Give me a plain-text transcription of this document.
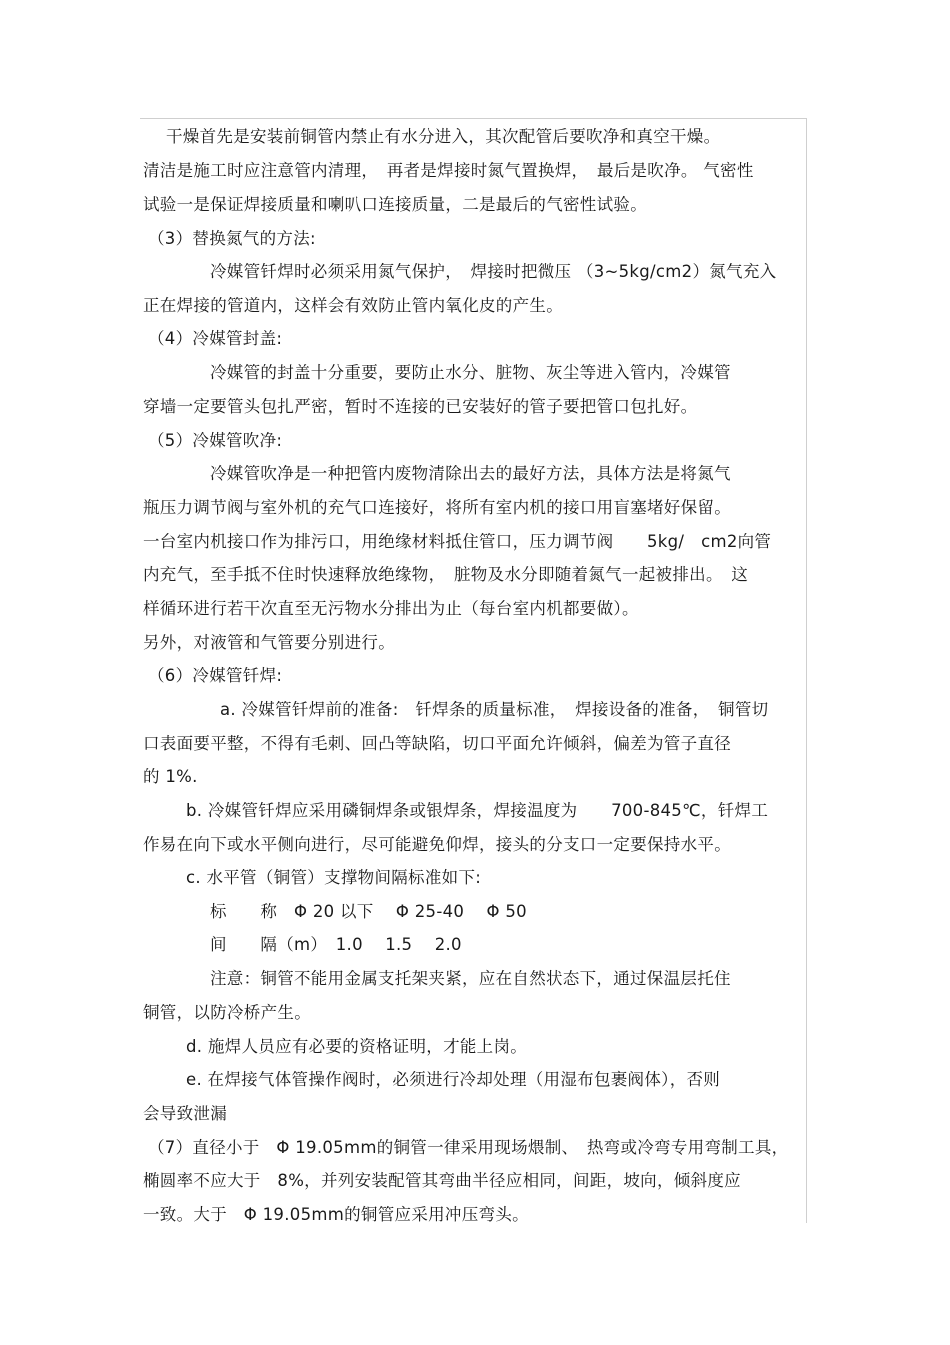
干燥首先是安装前铜管内禁止有水分进入，其次配管后要吹净和真空干燥。
清洁是施工时应注意管内清理，　再者是焊接时氮气置换焊，　最后是吹净。 气密性
试验一是保证焊接质量和喇叭口连接质量，二是最后的气密性试验。
（3）替换氮气的方法:
冷媒管钎焊时必须采用氮气保护，　焊接时把微压 （3~5kg/cm2）氮气充入
正在焊接的管道内，这样会有效防止管内氧化皮的产生。
（4）冷媒管封盖:
冷媒管的封盖十分重要，要防止水分、脏物、灰尘等进入管内，冷媒管
穿墙一定要管头包扎严密，暂时不连接的已安装好的管子要把管口包扎好。
（5）冷媒管吹净:
冷媒管吹净是一种把管内废物清除出去的最好方法，具体方法是将氮气
瓶压力调节阀与室外机的充气口连接好，将所有室内机的接口用盲塞堵好保留。
一台室内机接口作为排污口，用绝缘材料抵住管口，压力调节阀　　5kg/　cm2向管
内充气，至手抵不住时快速释放绝缘物，　脏物及水分即随着氮气一起被排出。　这
样循环进行若干次直至无污物水分排出为止（每台室内机都要做）。
另外，对液管和气管要分别进行。
（6）冷媒管钎焊:
a. 冷媒管钎焊前的准备:　钎焊条的质量标准，　焊接设备的准备，　铜管切
口表面要平整，不得有毛刺、回凸等缺陷，切口平面允许倾斜，偏差为管子直径
的 1%.
b. 冷媒管钎焊应采用磷铜焊条或银焊条，焊接温度为　　700-845℃，钎焊工
作易在向下或水平侧向进行，尽可能避免仰焊，接头的分支口一定要保持水平。
c. 水平管（铜管）支撑物间隔标准如下:
标　　称　Φ 20 以下　 Φ 25-40　 Φ 50
间　　隔（m）　1.0　 1.5　 2.0
注意：铜管不能用金属支托架夹紧，应在自然状态下，通过保温层托住
铜管，以防冷桥产生。
d. 施焊人员应有必要的资格证明，才能上岗。
e. 在焊接气体管操作阀时，必须进行冷却处理（用湿布包裹阀体），否则
会导致泄漏
（7）直径小于　Φ 19.05mm的铜管一律采用现场煨制、　热弯或冷弯专用弯制工具，
椭圆率不应大于　8%，并列安装配管其弯曲半径应相同，间距，坡向，倾斜度应
一致。大于　Φ 19.05mm的铜管应采用冲压弯头。
